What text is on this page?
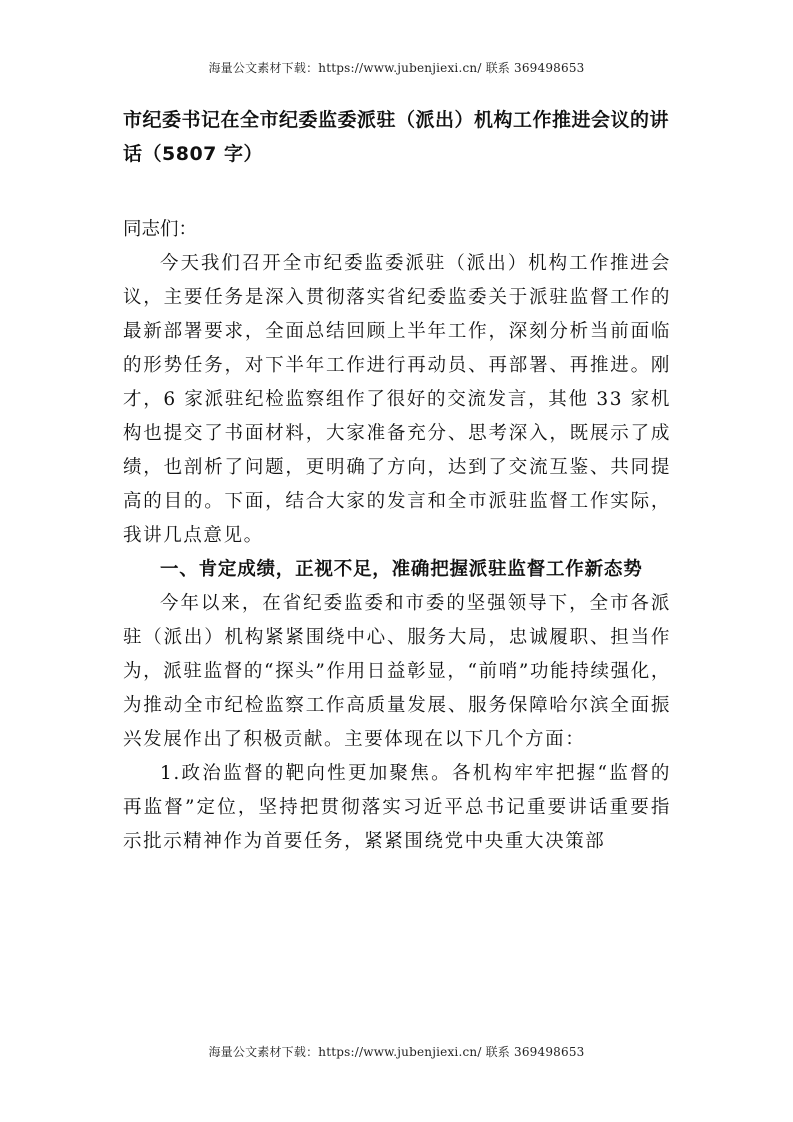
海量公文素材下载：https://www.jubenjiexi.cn/ 联系 369498653
市纪委书记在全市纪委监委派驻（派出）机构工作推进会议的讲话（5807 字）

同志们：

今天我们召开全市纪委监委派驻（派出）机构工作推进会议，主要任务是深入贯彻落实省纪委监委关于派驻监督工作的最新部署要求，全面总结回顾上半年工作，深刻分析当前面临的形势任务，对下半年工作进行再动员、再部署、再推进。刚才，6 家派驻纪检监察组作了很好的交流发言，其他 33 家机构也提交了书面材料，大家准备充分、思考深入，既展示了成绩，也剖析了问题，更明确了方向，达到了交流互鉴、共同提高的目的。下面，结合大家的发言和全市派驻监督工作实际，我讲几点意见。

一、肯定成绩，正视不足，准确把握派驻监督工作新态势

今年以来，在省纪委监委和市委的坚强领导下，全市各派驻（派出）机构紧紧围绕中心、服务大局，忠诚履职、担当作为，派驻监督的“探头”作用日益彰显，“前哨”功能持续强化，为推动全市纪检监察工作高质量发展、服务保障哈尔滨全面振兴发展作出了积极贡献。主要体现在以下几个方面：

1.政治监督的靶向性更加聚焦。各机构牢牢把握“监督的再监督”定位，坚持把贯彻落实习近平总书记重要讲话重要指示批示精神作为首要任务，紧紧围绕党中央重大决策部

海量公文素材下载：https://www.jubenjiexi.cn/ 联系 369498653
